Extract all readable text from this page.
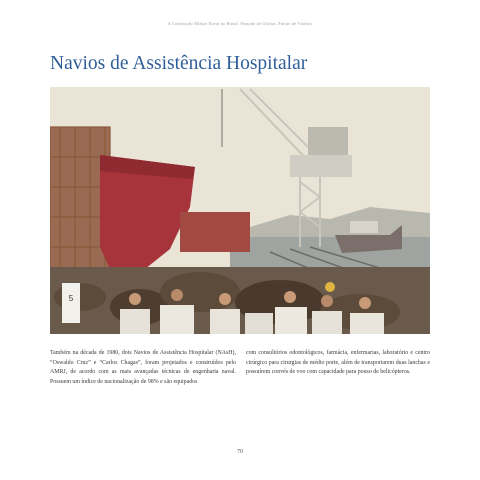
A Construção Militar Naval no Brasil: Passado de Glórias, Futuro de Vitórias
Navios de Assistência Hospitalar
5
Também na década de 1980, dois Navios de Assistência Hospitalar (NAsH), “Oswaldo Cruz” e “Carlos Chagas”, foram projetados e construídos pelo AMRJ, de acordo com as mais avançadas técnicas de engenharia naval. Possuem um índice de nacionalização de 98% e são equipados
com consultórios odontológicos, farmácia, enfermarias, laboratório e centro cirúrgico para cirurgias de médio porte, além de transportarem duas lanchas e possuírem convés de voo com capacidade para pouso de helicópteros.
70
